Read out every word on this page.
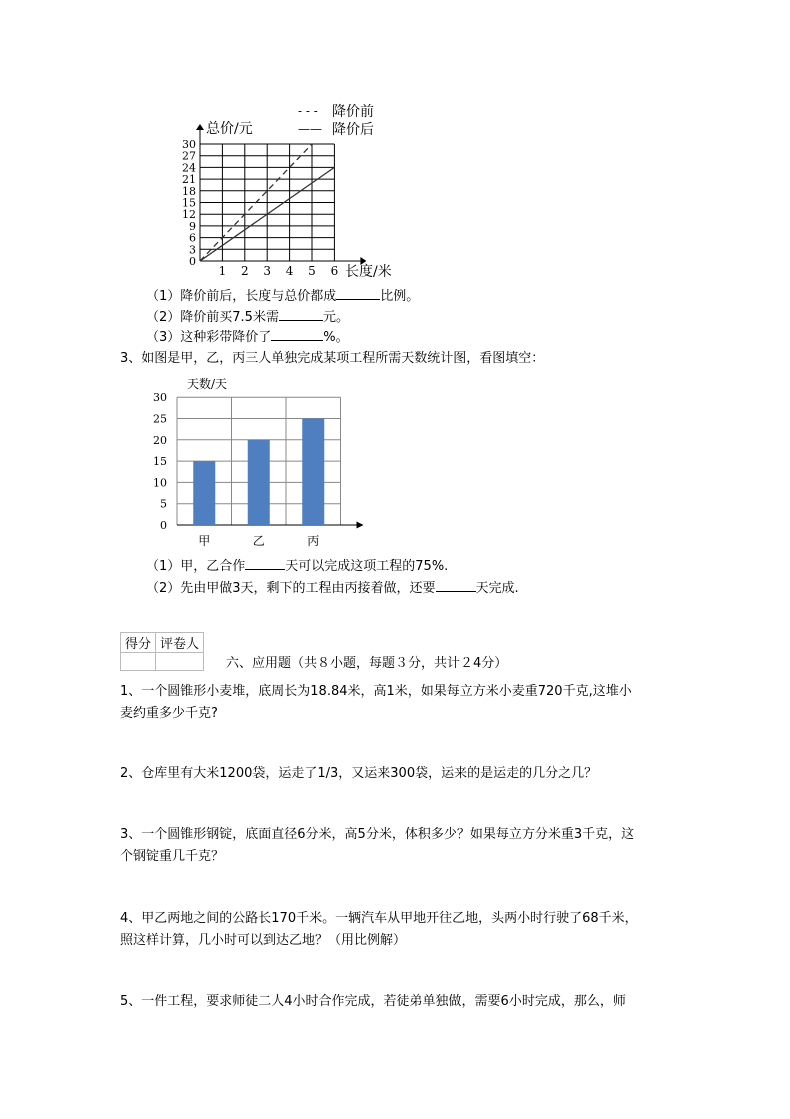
0
3
6
9
12
15
18
21
24
27
30
1 2 3 4 5 6
总价/元
长度/米
- - - 降价前
—— 降价后
（1）降价前后，长度与总价都成	比例。
（2）降价前买7.5米需	元。
（3）这种彩带降价了	%。
3、如图是甲，乙，丙三人单独完成某项工程所需天数统计图，看图填空：
0
5
10
15
20
25
30
甲	乙	丙
天数/天
（1）甲，乙合作	天可以完成这项工程的75%.
（2）先由甲做3天，剩下的工程由丙接着做，还要	天完成.
得分	评卷人

六、应用题（共８小题，每题３分，共计２4分）
1、一个圆锥形小麦堆，底周长为18.84米，高1米，如果每立方米小麦重720千克,这堆小
麦约重多少千克?
2、仓库里有大米1200袋，运走了1/3，又运来300袋，运来的是运走的几分之几？
3、一个圆锥形钢锭，底面直径6分米，高5分米，体积多少？如果每立方分米重3千克，这
个钢锭重几千克？
4、甲乙两地之间的公路长170千米。一辆汽车从甲地开往乙地，头两小时行驶了68千米，
照这样计算，几小时可以到达乙地？（用比例解）
5、一件工程，要求师徒二人4小时合作完成，若徒弟单独做，需要6小时完成，那么，师
